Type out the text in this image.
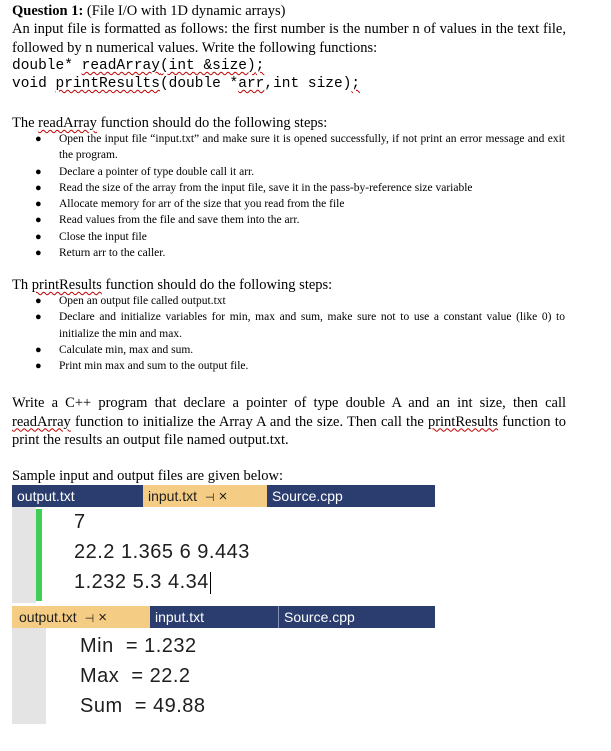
Question 1: (File I/O with 1D dynamic arrays)
An input file is formatted as follows: the first number is the number n of values in the text file, followed by n numerical values. Write the following functions:
double* readArray(int &size);
void printResults(double *arr,int size);
The readArray function should do the following steps:
● Open the input file “input.txt” and make sure it is opened successfully, if not print an error message and exit the program.
● Declare a pointer of type double call it arr.
● Read the size of the array from the input file, save it in the pass-by-reference size variable
● Allocate memory for arr of the size that you read from the file
● Read values from the file and save them into the arr.
● Close the input file
● Return arr to the caller.
Th printResults function should do the following steps:
● Open an output file called output.txt
● Declare and initialize variables for min, max and sum, make sure not to use a constant value (like 0) to initialize the min and max.
● Calculate min, max and sum.
● Print min max and sum to the output file.
Write a C++ program that declare a pointer of type double A and an int size, then call readArray function to initialize the Array A and the size. Then call the printResults function to print the results an output file named output.txt.
Sample input and output files are given below:
output.txt	input.txt ⊣ ×	Source.cpp
7
22.2 1.365 6 9.443
1.232 5.3 4.34
output.txt ⊣ ×	input.txt	Source.cpp
Min  = 1.232
Max  = 22.2
Sum  = 49.88
